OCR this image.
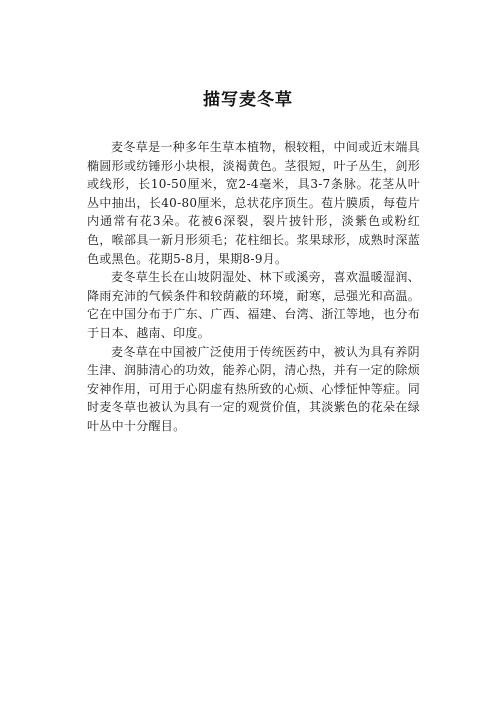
描写麦冬草

麦冬草是一种多年生草本植物，根较粗，中间或近末端具椭圆形或纺锤形小块根，淡褐黄色。茎很短，叶子丛生，剑形或线形，长10-50厘米，宽2-4毫米，具3-7条脉。花茎从叶丛中抽出，长40-80厘米，总状花序顶生。苞片膜质，每苞片内通常有花3朵。花被6深裂，裂片披针形，淡紫色或粉红色，喉部具一新月形须毛；花柱细长。浆果球形，成熟时深蓝色或黑色。花期5-8月，果期8-9月。

麦冬草生长在山坡阴湿处、林下或溪旁，喜欢温暖湿润、降雨充沛的气候条件和较荫蔽的环境，耐寒，忌强光和高温。它在中国分布于广东、广西、福建、台湾、浙江等地，也分布于日本、越南、印度。

麦冬草在中国被广泛使用于传统医药中，被认为具有养阴生津、润肺清心的功效，能养心阴，清心热，并有一定的除烦安神作用，可用于心阴虚有热所致的心烦、心悸怔忡等症。同时麦冬草也被认为具有一定的观赏价值，其淡紫色的花朵在绿叶丛中十分醒目。
